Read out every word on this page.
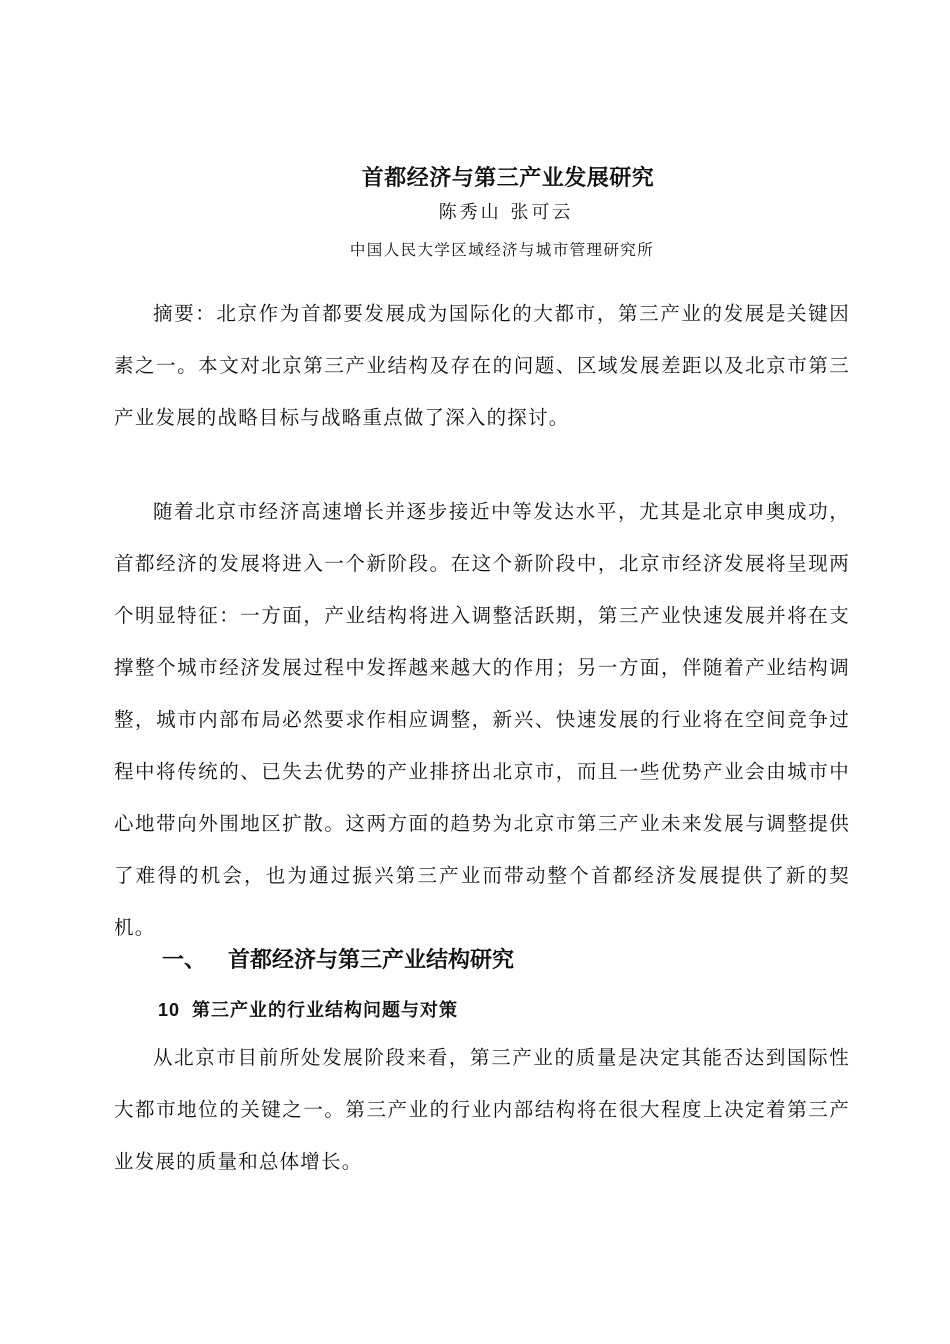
首都经济与第三产业发展研究
陈秀山 张可云
中国人民大学区域经济与城市管理研究所

摘要：北京作为首都要发展成为国际化的大都市，第三产业的发展是关键因素之一。本文对北京第三产业结构及存在的问题、区域发展差距以及北京市第三产业发展的战略目标与战略重点做了深入的探讨。

随着北京市经济高速增长并逐步接近中等发达水平，尤其是北京申奥成功，首都经济的发展将进入一个新阶段。在这个新阶段中，北京市经济发展将呈现两个明显特征：一方面，产业结构将进入调整活跃期，第三产业快速发展并将在支撑整个城市经济发展过程中发挥越来越大的作用；另一方面，伴随着产业结构调整，城市内部布局必然要求作相应调整，新兴、快速发展的行业将在空间竞争过程中将传统的、已失去优势的产业排挤出北京市，而且一些优势产业会由城市中心地带向外围地区扩散。这两方面的趋势为北京市第三产业未来发展与调整提供了难得的机会，也为通过振兴第三产业而带动整个首都经济发展提供了新的契机。

一、 首都经济与第三产业结构研究
10 第三产业的行业结构问题与对策

从北京市目前所处发展阶段来看，第三产业的质量是决定其能否达到国际性大都市地位的关键之一。第三产业的行业内部结构将在很大程度上决定着第三产业发展的质量和总体增长。
